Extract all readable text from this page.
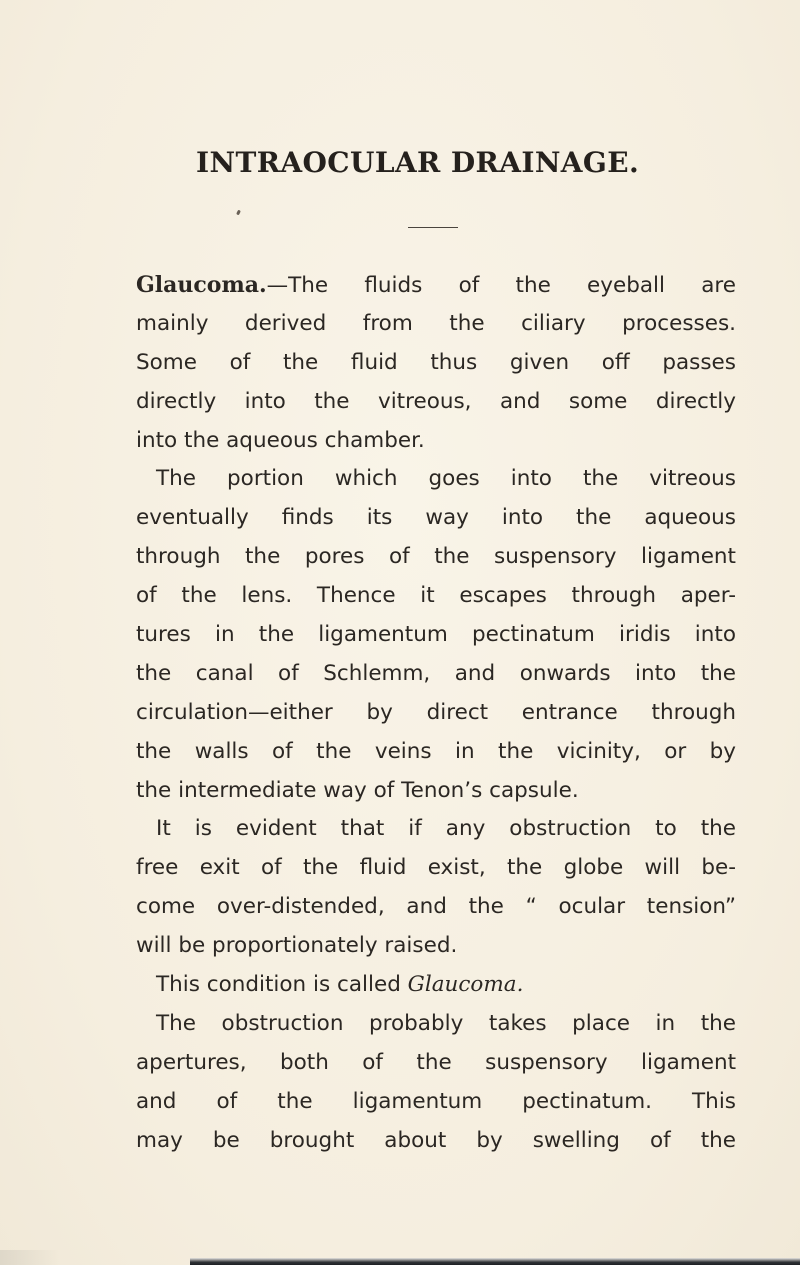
INTRAOCULAR DRAINAGE.
Glaucoma.—The fluids of the eyeball are
mainly derived from the ciliary processes.
Some of the fluid thus given off passes
directly into the vitreous, and some directly
into the aqueous chamber.
The portion which goes into the vitreous
eventually finds its way into the aqueous
through the pores of the suspensory ligament
of the lens. Thence it escapes through aper-
tures in the ligamentum pectinatum iridis into
the canal of Schlemm, and onwards into the
circulation—either by direct entrance through
the walls of the veins in the vicinity, or by
the intermediate way of Tenon’s capsule.
It is evident that if any obstruction to the
free exit of the fluid exist, the globe will be-
come over-distended, and the “ ocular tension”
will be proportionately raised.
This condition is called Glaucoma.
The obstruction probably takes place in the
apertures, both of the suspensory ligament
and of the ligamentum pectinatum. This
may be brought about by swelling of the
